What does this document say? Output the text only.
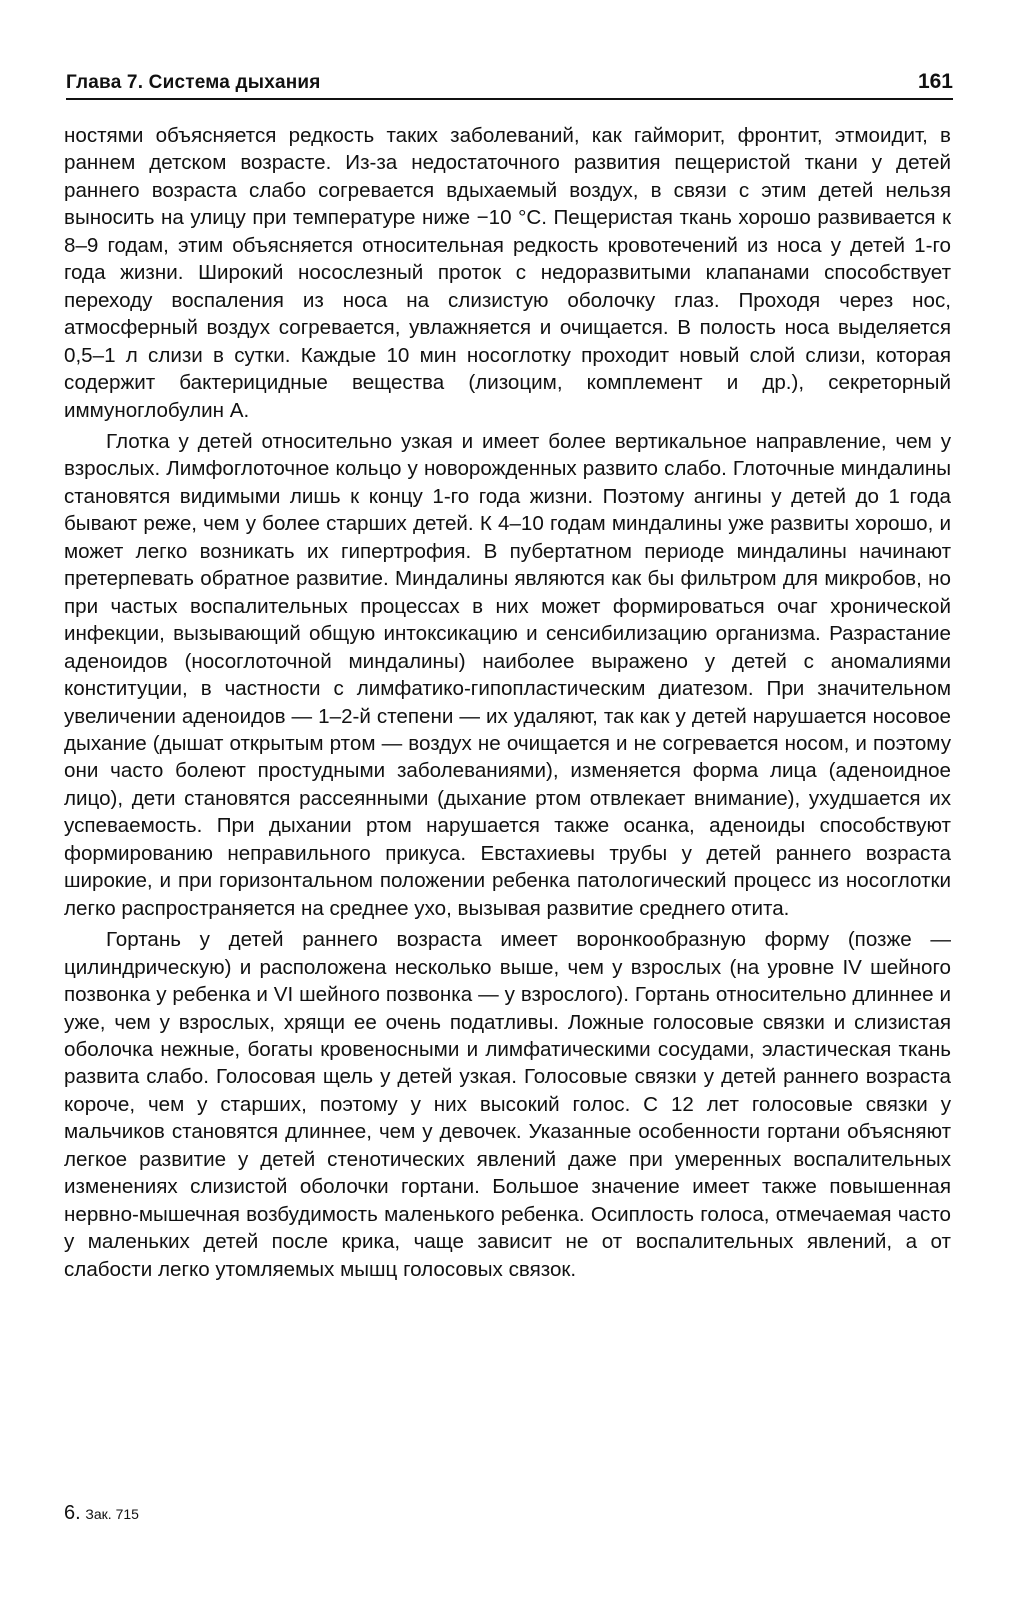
Глава 7. Система дыхания	161

ностями объясняется редкость таких заболеваний, как гайморит, фронтит, этмоидит, в раннем детском возрасте. Из-за недостаточного развития пещеристой ткани у детей раннего возраста слабо согревается вдыхаемый воздух, в связи с этим детей нельзя выносить на улицу при температуре ниже −10 °С. Пещеристая ткань хорошо развивается к 8–9 годам, этим объясняется относительная редкость кровотечений из носа у детей 1-го года жизни. Широкий носослезный проток с недоразвитыми клапанами способствует переходу воспаления из носа на слизистую оболочку глаз. Проходя через нос, атмосферный воздух согревается, увлажняется и очищается. В полость носа выделяется 0,5–1 л слизи в сутки. Каждые 10 мин носоглотку проходит новый слой слизи, которая содержит бактерицидные вещества (лизоцим, комплемент и др.), секреторный иммуноглобулин А.

Глотка у детей относительно узкая и имеет более вертикальное направление, чем у взрослых. Лимфоглоточное кольцо у новорожденных развито слабо. Глоточные миндалины становятся видимыми лишь к концу 1-го года жизни. Поэтому ангины у детей до 1 года бывают реже, чем у более старших детей. К 4–10 годам миндалины уже развиты хорошо, и может легко возникать их гипертрофия. В пубертатном периоде миндалины начинают претерпевать обратное развитие. Миндалины являются как бы фильтром для микробов, но при частых воспалительных процессах в них может формироваться очаг хронической инфекции, вызывающий общую интоксикацию и сенсибилизацию организма. Разрастание аденоидов (носоглоточной миндалины) наиболее выражено у детей с аномалиями конституции, в частности с лимфатико-гипопластическим диатезом. При значительном увеличении аденоидов — 1–2-й степени — их удаляют, так как у детей нарушается носовое дыхание (дышат открытым ртом — воздух не очищается и не согревается носом, и поэтому они часто болеют простудными заболеваниями), изменяется форма лица (аденоидное лицо), дети становятся рассеянными (дыхание ртом отвлекает внимание), ухудшается их успеваемость. При дыхании ртом нарушается также осанка, аденоиды способствуют формированию неправильного прикуса. Евстахиевы трубы у детей раннего возраста широкие, и при горизонтальном положении ребенка патологический процесс из носоглотки легко распространяется на среднее ухо, вызывая развитие среднего отита.

Гортань у детей раннего возраста имеет воронкообразную форму (позже — цилиндрическую) и расположена несколько выше, чем у взрослых (на уровне IV шейного позвонка у ребенка и VI шейного позвонка — у взрослого). Гортань относительно длиннее и уже, чем у взрослых, хрящи ее очень податливы. Ложные голосовые связки и слизистая оболочка нежные, богаты кровеносными и лимфатическими сосудами, эластическая ткань развита слабо. Голосовая щель у детей узкая. Голосовые связки у детей раннего возраста короче, чем у старших, поэтому у них высокий голос. С 12 лет голосовые связки у мальчиков становятся длиннее, чем у девочек. Указанные особенности гортани объясняют легкое развитие у детей стенотических явлений даже при умеренных воспалительных изменениях слизистой оболочки гортани. Большое значение имеет также повышенная нервно-мышечная возбудимость маленького ребенка. Осиплость голоса, отмечаемая часто у маленьких детей после крика, чаще зависит не от воспалительных явлений, а от слабости легко утомляемых мышц голосовых связок.

6. Зак. 715
